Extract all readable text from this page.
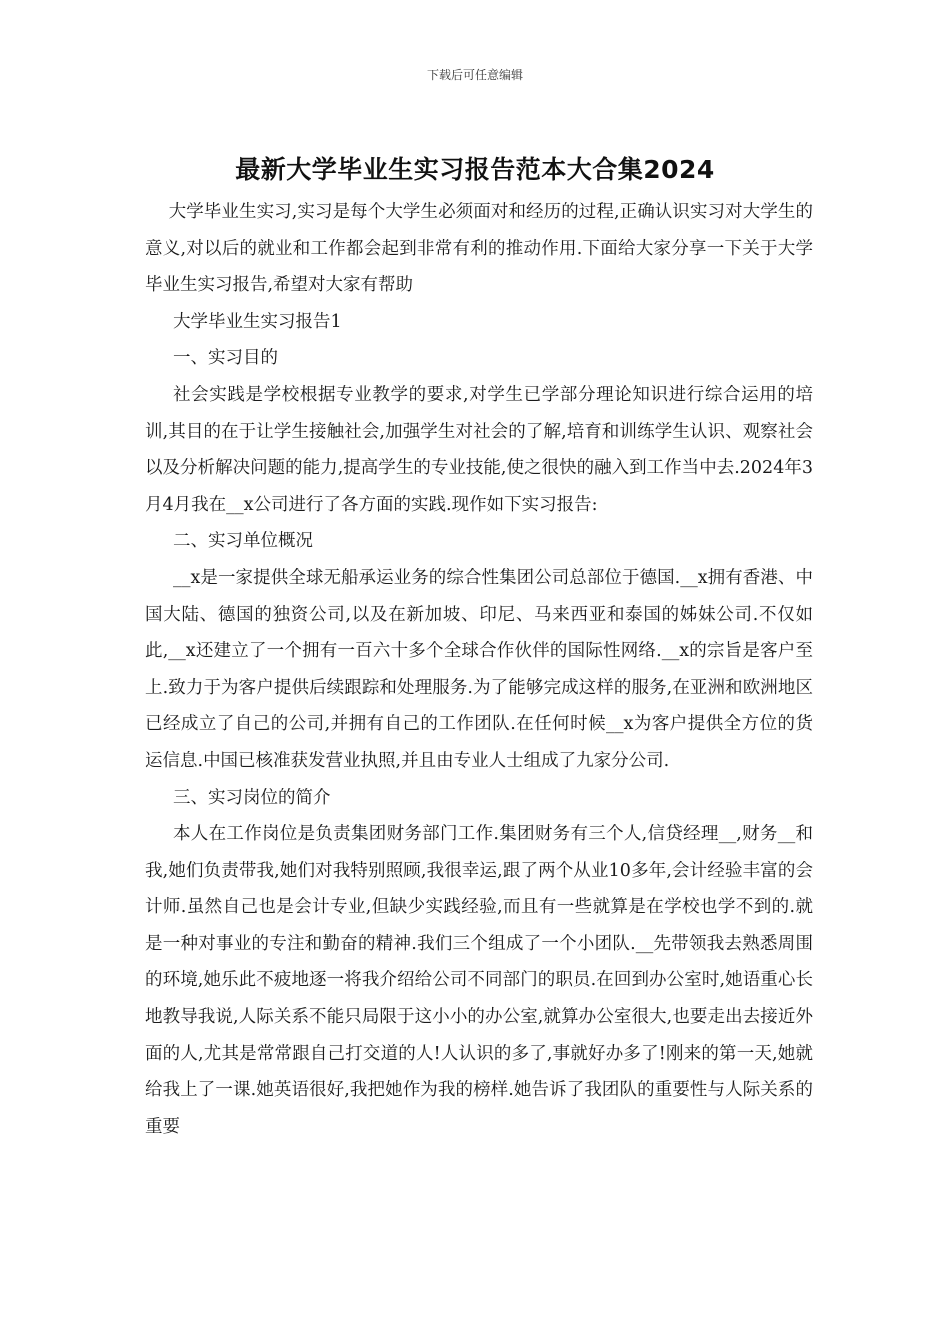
下载后可任意编辑
最新大学毕业生实习报告范本大合集2024

大学毕业生实习,实习是每个大学生必须面对和经历的过程,正确认识实习对大学生的意义,对以后的就业和工作都会起到非常有利的推动作用.下面给大家分享一下关于大学毕业生实习报告,希望对大家有帮助

大学毕业生实习报告1

一、实习目的

社会实践是学校根据专业教学的要求,对学生已学部分理论知识进行综合运用的培训,其目的在于让学生接触社会,加强学生对社会的了解,培育和训练学生认识、观察社会以及分析解决问题的能力,提高学生的专业技能,使之很快的融入到工作当中去.2024年3月4月我在__x公司进行了各方面的实践.现作如下实习报告:

二、实习单位概况

__x是一家提供全球无船承运业务的综合性集团公司总部位于德国.__x拥有香港、中国大陆、德国的独资公司,以及在新加坡、印尼、马来西亚和泰国的姊妹公司.不仅如此,__x还建立了一个拥有一百六十多个全球合作伙伴的国际性网络.__x的宗旨是客户至上.致力于为客户提供后续跟踪和处理服务.为了能够完成这样的服务,在亚洲和欧洲地区已经成立了自己的公司,并拥有自己的工作团队.在任何时候__x为客户提供全方位的货运信息.中国已核准获发营业执照,并且由专业人士组成了九家分公司.

三、实习岗位的简介

本人在工作岗位是负责集团财务部门工作.集团财务有三个人,信贷经理__,财务__和我,她们负责带我,她们对我特别照顾,我很幸运,跟了两个从业10多年,会计经验丰富的会计师.虽然自己也是会计专业,但缺少实践经验,而且有一些就算是在学校也学不到的.就是一种对事业的专注和勤奋的精神.我们三个组成了一个小团队.__先带领我去熟悉周围的环境,她乐此不疲地逐一将我介绍给公司不同部门的职员.在回到办公室时,她语重心长地教导我说,人际关系不能只局限于这小小的办公室,就算办公室很大,也要走出去接近外面的人,尤其是常常跟自己打交道的人!人认识的多了,事就好办多了!刚来的第一天,她就给我上了一课.她英语很好,我把她作为我的榜样.她告诉了我团队的重要性与人际关系的重要
